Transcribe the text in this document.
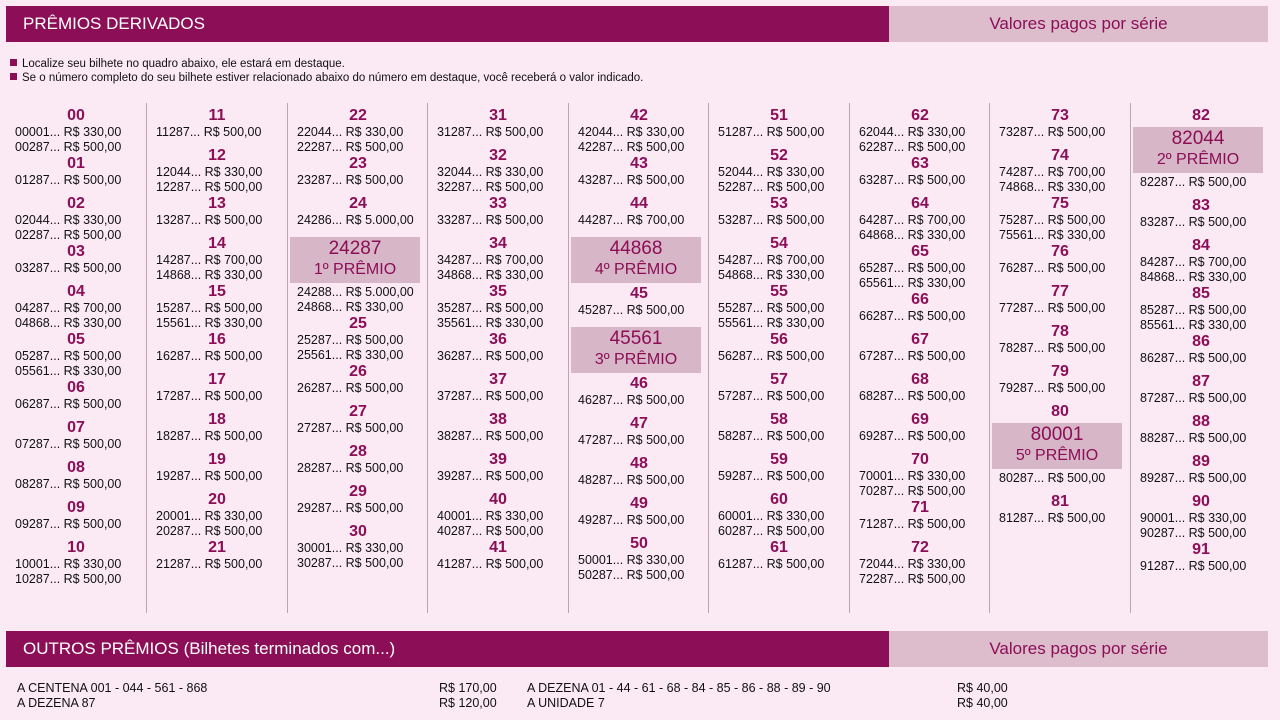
PRÊMIOS DERIVADOS	Valores pagos por série
Localize seu bilhete no quadro abaixo, ele estará em destaque.
Se o número completo do seu bilhete estiver relacionado abaixo do número em destaque, você receberá o valor indicado.
00
00001... R$ 330,00
00287... R$ 500,00
01
01287... R$ 500,00
02
02044... R$ 330,00
02287... R$ 500,00
03
03287... R$ 500,00
04
04287... R$ 700,00
04868... R$ 330,00
05
05287... R$ 500,00
05561... R$ 330,00
06
06287... R$ 500,00
07
07287... R$ 500,00
08
08287... R$ 500,00
09
09287... R$ 500,00
10
10001... R$ 330,00
10287... R$ 500,00
11
11287... R$ 500,00
12
12044... R$ 330,00
12287... R$ 500,00
13
13287... R$ 500,00
14
14287... R$ 700,00
14868... R$ 330,00
15
15287... R$ 500,00
15561... R$ 330,00
16
16287... R$ 500,00
17
17287... R$ 500,00
18
18287... R$ 500,00
19
19287... R$ 500,00
20
20001... R$ 330,00
20287... R$ 500,00
21
21287... R$ 500,00
22
22044... R$ 330,00
22287... R$ 500,00
23
23287... R$ 500,00
24
24286... R$ 5.000,00
24287
1º PRÊMIO
24288... R$ 5.000,00
24868... R$ 330,00
25
25287... R$ 500,00
25561... R$ 330,00
26
26287... R$ 500,00
27
27287... R$ 500,00
28
28287... R$ 500,00
29
29287... R$ 500,00
30
30001... R$ 330,00
30287... R$ 500,00
31
31287... R$ 500,00
32
32044... R$ 330,00
32287... R$ 500,00
33
33287... R$ 500,00
34
34287... R$ 700,00
34868... R$ 330,00
35
35287... R$ 500,00
35561... R$ 330,00
36
36287... R$ 500,00
37
37287... R$ 500,00
38
38287... R$ 500,00
39
39287... R$ 500,00
40
40001... R$ 330,00
40287... R$ 500,00
41
41287... R$ 500,00
42
42044... R$ 330,00
42287... R$ 500,00
43
43287... R$ 500,00
44
44287... R$ 700,00
44868
4º PRÊMIO
45
45287... R$ 500,00
45561
3º PRÊMIO
46
46287... R$ 500,00
47
47287... R$ 500,00
48
48287... R$ 500,00
49
49287... R$ 500,00
50
50001... R$ 330,00
50287... R$ 500,00
51
51287... R$ 500,00
52
52044... R$ 330,00
52287... R$ 500,00
53
53287... R$ 500,00
54
54287... R$ 700,00
54868... R$ 330,00
55
55287... R$ 500,00
55561... R$ 330,00
56
56287... R$ 500,00
57
57287... R$ 500,00
58
58287... R$ 500,00
59
59287... R$ 500,00
60
60001... R$ 330,00
60287... R$ 500,00
61
61287... R$ 500,00
62
62044... R$ 330,00
62287... R$ 500,00
63
63287... R$ 500,00
64
64287... R$ 700,00
64868... R$ 330,00
65
65287... R$ 500,00
65561... R$ 330,00
66
66287... R$ 500,00
67
67287... R$ 500,00
68
68287... R$ 500,00
69
69287... R$ 500,00
70
70001... R$ 330,00
70287... R$ 500,00
71
71287... R$ 500,00
72
72044... R$ 330,00
72287... R$ 500,00
73
73287... R$ 500,00
74
74287... R$ 700,00
74868... R$ 330,00
75
75287... R$ 500,00
75561... R$ 330,00
76
76287... R$ 500,00
77
77287... R$ 500,00
78
78287... R$ 500,00
79
79287... R$ 500,00
80
80001
5º PRÊMIO
80287... R$ 500,00
81
81287... R$ 500,00
82
82044
2º PRÊMIO
82287... R$ 500,00
83
83287... R$ 500,00
84
84287... R$ 700,00
84868... R$ 330,00
85
85287... R$ 500,00
85561... R$ 330,00
86
86287... R$ 500,00
87
87287... R$ 500,00
88
88287... R$ 500,00
89
89287... R$ 500,00
90
90001... R$ 330,00
90287... R$ 500,00
91
91287... R$ 500,00
OUTROS PRÊMIOS (Bilhetes terminados com...)	Valores pagos por série
A CENTENA 001 - 044 - 561 - 868
A DEZENA 87
R$ 170,00
R$ 120,00
A DEZENA 01 - 44 - 61 - 68 - 84 - 85 - 86 - 88 - 89 - 90
A UNIDADE 7
R$ 40,00
R$ 40,00
